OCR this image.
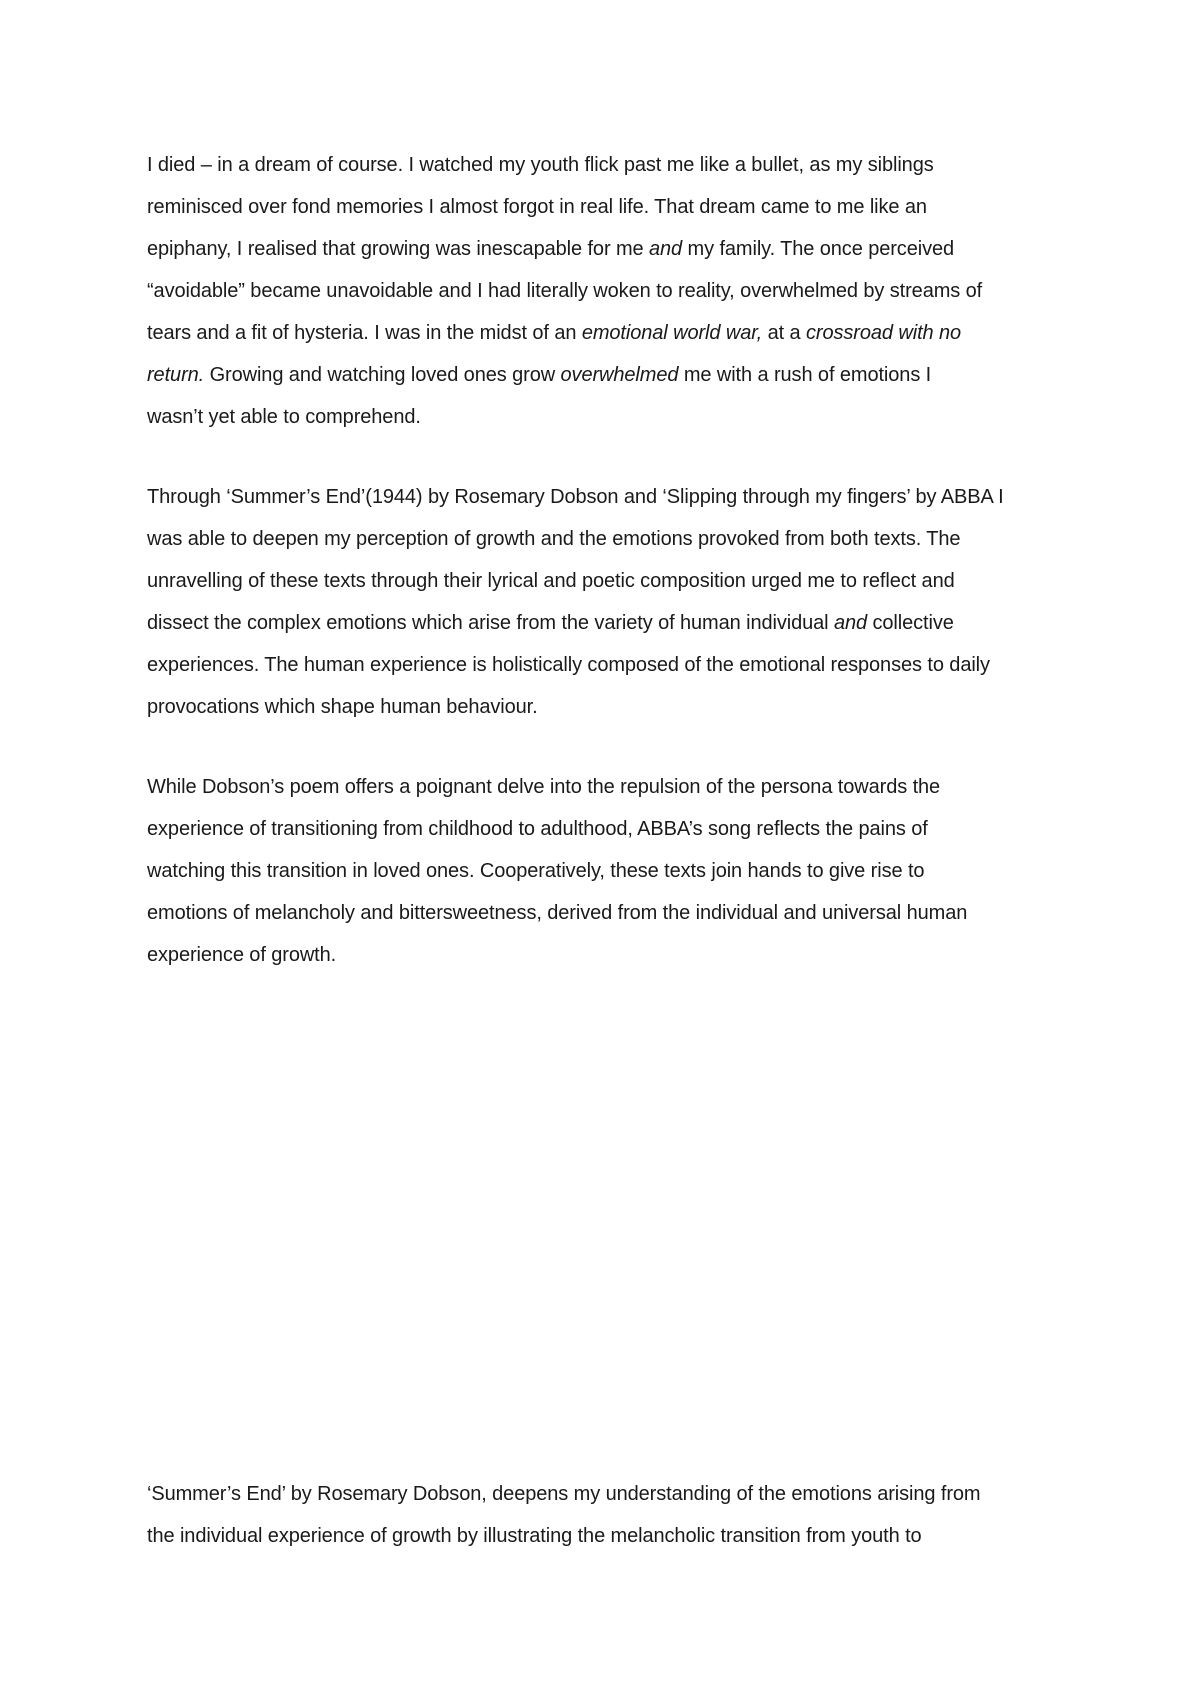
I died – in a dream of course. I watched my youth flick past me like a bullet, as my siblings
reminisced over fond memories I almost forgot in real life. That dream came to me like an
epiphany, I realised that growing was inescapable for me and my family. The once perceived
“avoidable” became unavoidable and I had literally woken to reality, overwhelmed by streams of
tears and a fit of hysteria. I was in the midst of an emotional world war, at a crossroad with no
return. Growing and watching loved ones grow overwhelmed me with a rush of emotions I
wasn’t yet able to comprehend.

Through ‘Summer’s End’(1944) by Rosemary Dobson and ‘Slipping through my fingers’ by ABBA I
was able to deepen my perception of growth and the emotions provoked from both texts. The
unravelling of these texts through their lyrical and poetic composition urged me to reflect and
dissect the complex emotions which arise from the variety of human individual and collective
experiences. The human experience is holistically composed of the emotional responses to daily
provocations which shape human behaviour.

While Dobson’s poem offers a poignant delve into the repulsion of the persona towards the
experience of transitioning from childhood to adulthood, ABBA’s song reflects the pains of
watching this transition in loved ones. Cooperatively, these texts join hands to give rise to
emotions of melancholy and bittersweetness, derived from the individual and universal human
experience of growth.

‘Summer’s End’ by Rosemary Dobson, deepens my understanding of the emotions arising from
the individual experience of growth by illustrating the melancholic transition from youth to
